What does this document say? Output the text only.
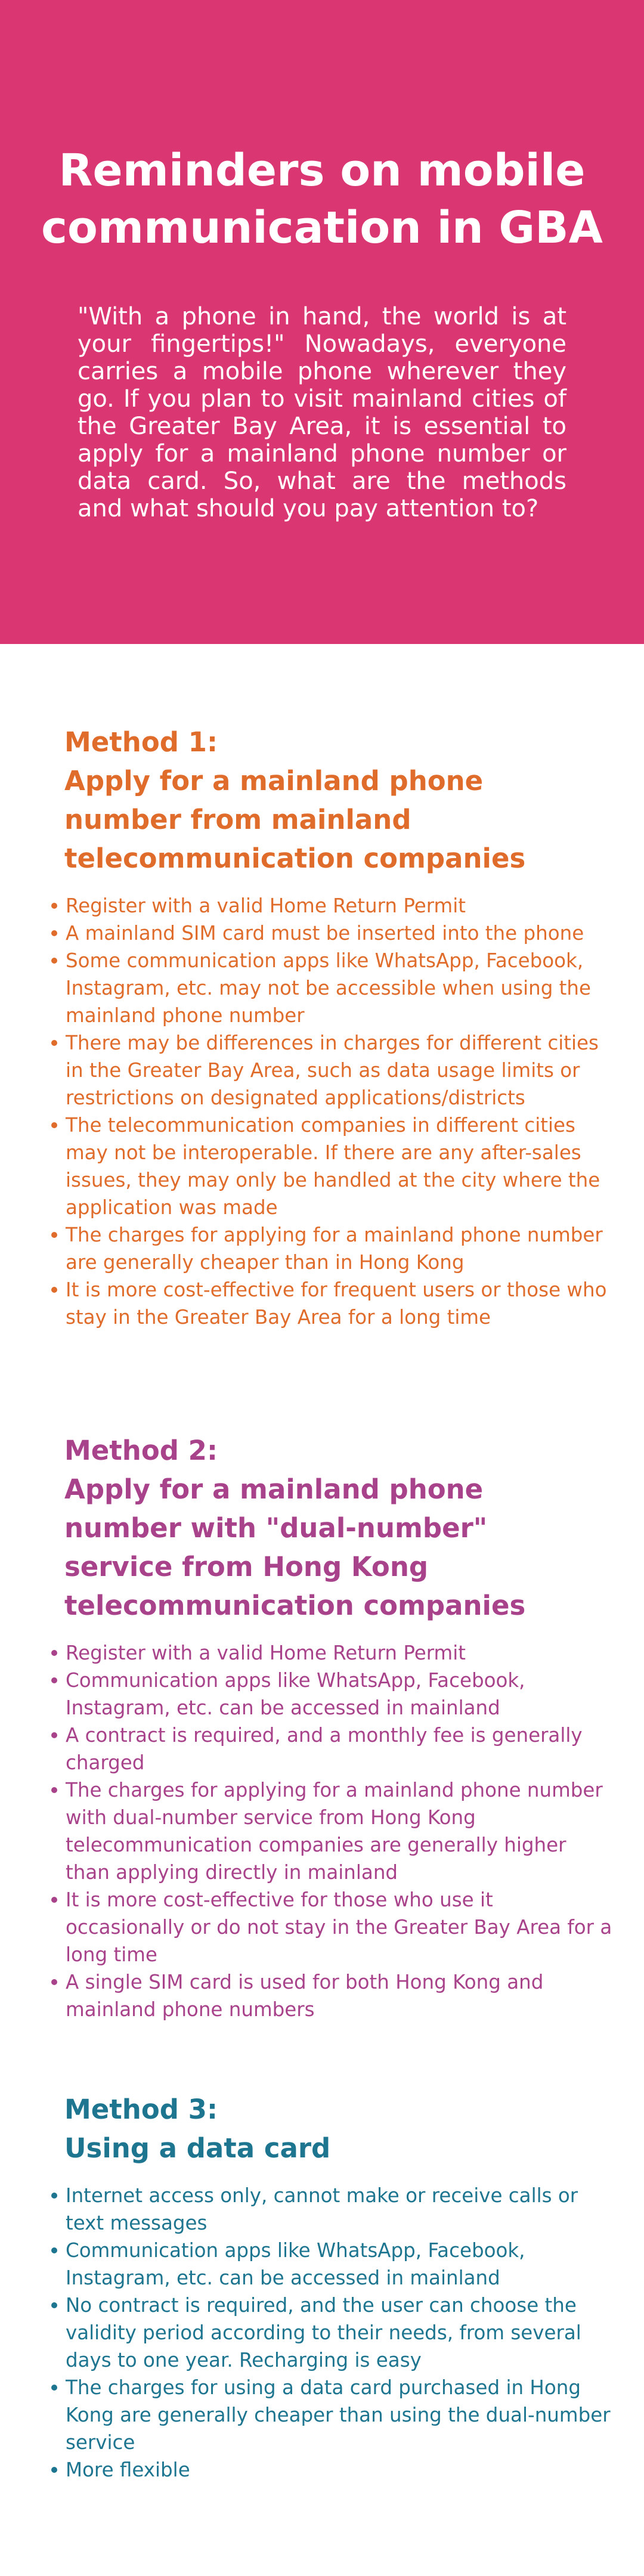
Reminders on mobile
communication in GBA

"With a phone in hand, the world is at your fingertips!" Nowadays, everyone carries a mobile phone wherever they go. If you plan to visit mainland cities of the Greater Bay Area, it is essential to apply for a mainland phone number or data card. So, what are the methods and what should you pay attention to?

Method 1:
Apply for a mainland phone
number from mainland
telecommunication companies
Register with a valid Home Return Permit
A mainland SIM card must be inserted into the phone
Some communication apps like WhatsApp, Facebook, Instagram, etc. may not be accessible when using the mainland phone number
There may be differences in charges for different cities in the Greater Bay Area, such as data usage limits or restrictions on designated applications/districts
The telecommunication companies in different cities may not be interoperable. If there are any after-sales issues, they may only be handled at the city where the application was made
The charges for applying for a mainland phone number are generally cheaper than in Hong Kong
It is more cost-effective for frequent users or those who stay in the Greater Bay Area for a long time
Method 2:
Apply for a mainland phone
number with "dual-number"
service from Hong Kong
telecommunication companies
Register with a valid Home Return Permit
Communication apps like WhatsApp, Facebook, Instagram, etc. can be accessed in mainland
A contract is required, and a monthly fee is generally charged
The charges for applying for a mainland phone number with dual-number service from Hong Kong telecommunication companies are generally higher than applying directly in mainland
It is more cost-effective for those who use it occasionally or do not stay in the Greater Bay Area for a long time
A single SIM card is used for both Hong Kong and mainland phone numbers
Method 3:
Using a data card
Internet access only, cannot make or receive calls or text messages
Communication apps like WhatsApp, Facebook, Instagram, etc. can be accessed in mainland
No contract is required, and the user can choose the validity period according to their needs, from several days to one year. Recharging is easy
The charges for using a data card purchased in Hong Kong are generally cheaper than using the dual-number service
More flexible
